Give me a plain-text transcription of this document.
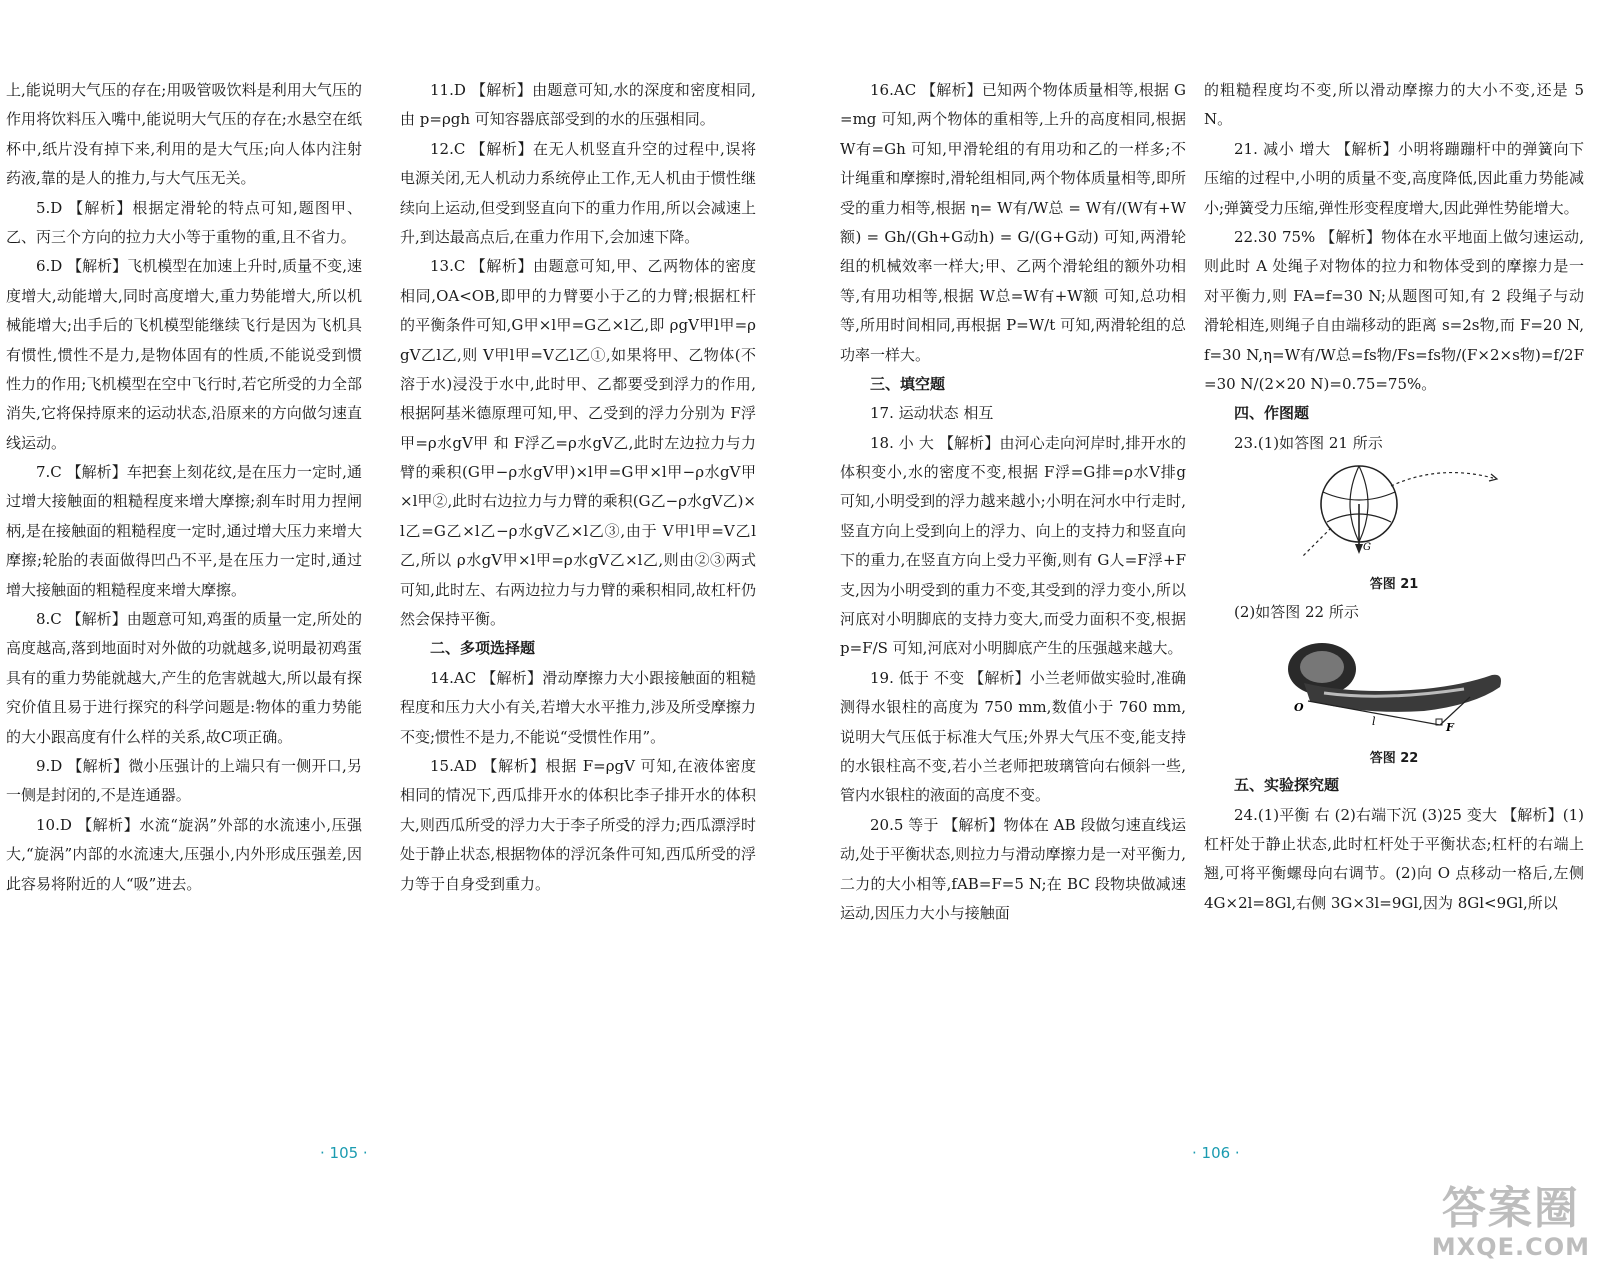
上,能说明大气压的存在;用吸管吸饮料是利用大气压的作用将饮料压入嘴中,能说明大气压的存在;水悬空在纸杯中,纸片没有掉下来,利用的是大气压;向人体内注射药液,靠的是人的推力,与大气压无关。

5.D 【解析】根据定滑轮的特点可知,题图甲、乙、丙三个方向的拉力大小等于重物的重,且不省力。

6.D 【解析】飞机模型在加速上升时,质量不变,速度增大,动能增大,同时高度增大,重力势能增大,所以机械能增大;出手后的飞机模型能继续飞行是因为飞机具有惯性,惯性不是力,是物体固有的性质,不能说受到惯性力的作用;飞机模型在空中飞行时,若它所受的力全部消失,它将保持原来的运动状态,沿原来的方向做匀速直线运动。

7.C 【解析】车把套上刻花纹,是在压力一定时,通过增大接触面的粗糙程度来增大摩擦;刹车时用力捏闸柄,是在接触面的粗糙程度一定时,通过增大压力来增大摩擦;轮胎的表面做得凹凸不平,是在压力一定时,通过增大接触面的粗糙程度来增大摩擦。

8.C 【解析】由题意可知,鸡蛋的质量一定,所处的高度越高,落到地面时对外做的功就越多,说明最初鸡蛋具有的重力势能就越大,产生的危害就越大,所以最有探究价值且易于进行探究的科学问题是:物体的重力势能的大小跟高度有什么样的关系,故C项正确。

9.D 【解析】微小压强计的上端只有一侧开口,另一侧是封闭的,不是连通器。

10.D 【解析】水流“旋涡”外部的水流速小,压强大,“旋涡”内部的水流速大,压强小,内外形成压强差,因此容易将附近的人“吸”进去。

11.D 【解析】由题意可知,水的深度和密度相同,由 p=ρgh 可知容器底部受到的水的压强相同。

12.C 【解析】在无人机竖直升空的过程中,误将电源关闭,无人机动力系统停止工作,无人机由于惯性继续向上运动,但受到竖直向下的重力作用,所以会减速上升,到达最高点后,在重力作用下,会加速下降。

13.C 【解析】由题意可知,甲、乙两物体的密度相同,OA<OB,即甲的力臂要小于乙的力臂;根据杠杆的平衡条件可知,G甲×l甲=G乙×l乙,即 ρgV甲l甲=ρgV乙l乙,则 V甲l甲=V乙l乙①,如果将甲、乙物体(不溶于水)浸没于水中,此时甲、乙都要受到浮力的作用,根据阿基米德原理可知,甲、乙受到的浮力分别为 F浮甲=ρ水gV甲 和 F浮乙=ρ水gV乙,此时左边拉力与力臂的乘积(G甲−ρ水gV甲)×l甲=G甲×l甲−ρ水gV甲×l甲②,此时右边拉力与力臂的乘积(G乙−ρ水gV乙)×l乙=G乙×l乙−ρ水gV乙×l乙③,由于 V甲l甲=V乙l乙,所以 ρ水gV甲×l甲=ρ水gV乙×l乙,则由②③两式可知,此时左、右两边拉力与力臂的乘积相同,故杠杆仍然会保持平衡。

二、多项选择题

14.AC 【解析】滑动摩擦力大小跟接触面的粗糙程度和压力大小有关,若增大水平推力,涉及所受摩擦力不变;惯性不是力,不能说“受惯性作用”。

15.AD 【解析】根据 F=ρgV 可知,在液体密度相同的情况下,西瓜排开水的体积比李子排开水的体积大,则西瓜所受的浮力大于李子所受的浮力;西瓜漂浮时处于静止状态,根据物体的浮沉条件可知,西瓜所受的浮力等于自身受到重力。

· 105 ·

16.AC 【解析】已知两个物体质量相等,根据 G=mg 可知,两个物体的重相等,上升的高度相同,根据 W有=Gh 可知,甲滑轮组的有用功和乙的一样多;不计绳重和摩擦时,滑轮组相同,两个物体质量相等,即所受的重力相等,根据 η= W有/W总 = W有/(W有+W额) = Gh/(Gh+G动h) = G/(G+G动) 可知,两滑轮组的机械效率一样大;甲、乙两个滑轮组的额外功相等,有用功相等,根据 W总=W有+W额 可知,总功相等,所用时间相同,再根据 P=W/t 可知,两滑轮组的总功率一样大。

三、填空题

17. 运动状态 相互

18. 小 大 【解析】由河心走向河岸时,排开水的体积变小,水的密度不变,根据 F浮=G排=ρ水V排g 可知,小明受到的浮力越来越小;小明在河水中行走时,竖直方向上受到向上的浮力、向上的支持力和竖直向下的重力,在竖直方向上受力平衡,则有 G人=F浮+F支,因为小明受到的重力不变,其受到的浮力变小,所以河底对小明脚底的支持力变大,而受力面积不变,根据 p=F/S 可知,河底对小明脚底产生的压强越来越大。

19. 低于 不变 【解析】小兰老师做实验时,准确测得水银柱的高度为 750 mm,数值小于 760 mm,说明大气压低于标准大气压;外界大气压不变,能支持的水银柱高不变,若小兰老师把玻璃管向右倾斜一些,管内水银柱的液面的高度不变。

20.5 等于 【解析】物体在 AB 段做匀速直线运动,处于平衡状态,则拉力与滑动摩擦力是一对平衡力,二力的大小相等,fAB=F=5 N;在 BC 段物块做减速运动,因压力大小与接触面

的粗糙程度均不变,所以滑动摩擦力的大小不变,还是 5 N。

21. 减小 增大 【解析】小明将蹦蹦杆中的弹簧向下压缩的过程中,小明的质量不变,高度降低,因此重力势能减小;弹簧受力压缩,弹性形变程度增大,因此弹性势能增大。

22.30 75% 【解析】物体在水平地面上做匀速运动,则此时 A 处绳子对物体的拉力和物体受到的摩擦力是一对平衡力,则 FA=f=30 N;从题图可知,有 2 段绳子与动滑轮相连,则绳子自由端移动的距离 s=2s物,而 F=20 N,f=30 N,η=W有/W总=fs物/Fs=fs物/(F×2×s物)=f/2F=30 N/(2×20 N)=0.75=75%。

四、作图题

23.(1)如答图 21 所示

G
答图 21

(2)如答图 22 所示

O
l	F
答图 22

五、实验探究题

24.(1)平衡 右 (2)右端下沉 (3)25 变大 【解析】(1)杠杆处于静止状态,此时杠杆处于平衡状态;杠杆的右端上翘,可将平衡螺母向右调节。(2)向 O 点移动一格后,左侧 4G×2l=8Gl,右侧 3G×3l=9Gl,因为 8Gl<9Gl,所以

· 106 ·
答案圈
MXQE.COM
